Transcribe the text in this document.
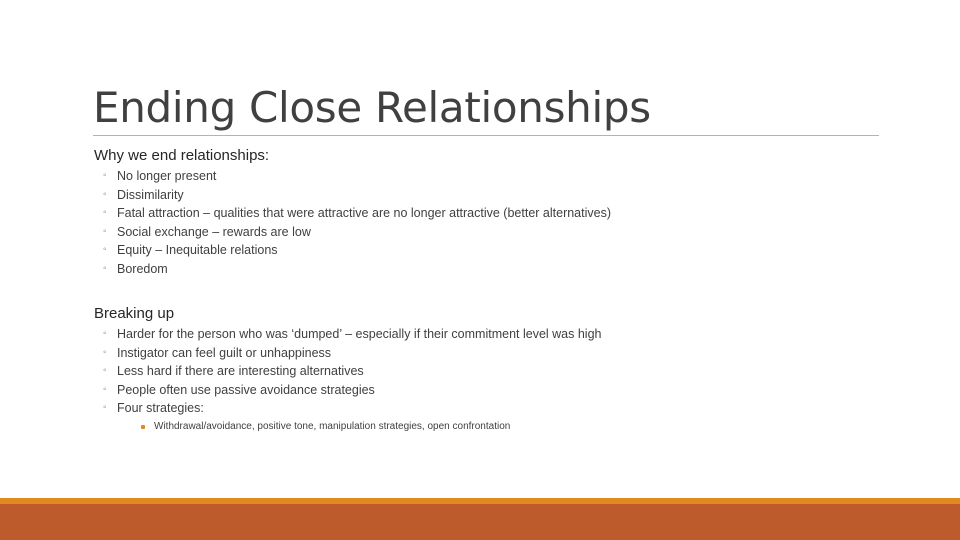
Ending Close Relationships
Why we end relationships:
◦ No longer present
◦ Dissimilarity
◦ Fatal attraction – qualities that were attractive are no longer attractive (better alternatives)
◦ Social exchange – rewards are low
◦ Equity – Inequitable relations
◦ Boredom
Breaking up
◦ Harder for the person who was ‘dumped’ – especially if their commitment level was high
◦ Instigator can feel guilt or unhappiness
◦ Less hard if there are interesting alternatives
◦ People often use passive avoidance strategies
◦ Four strategies:
Withdrawal/avoidance, positive tone, manipulation strategies, open confrontation
